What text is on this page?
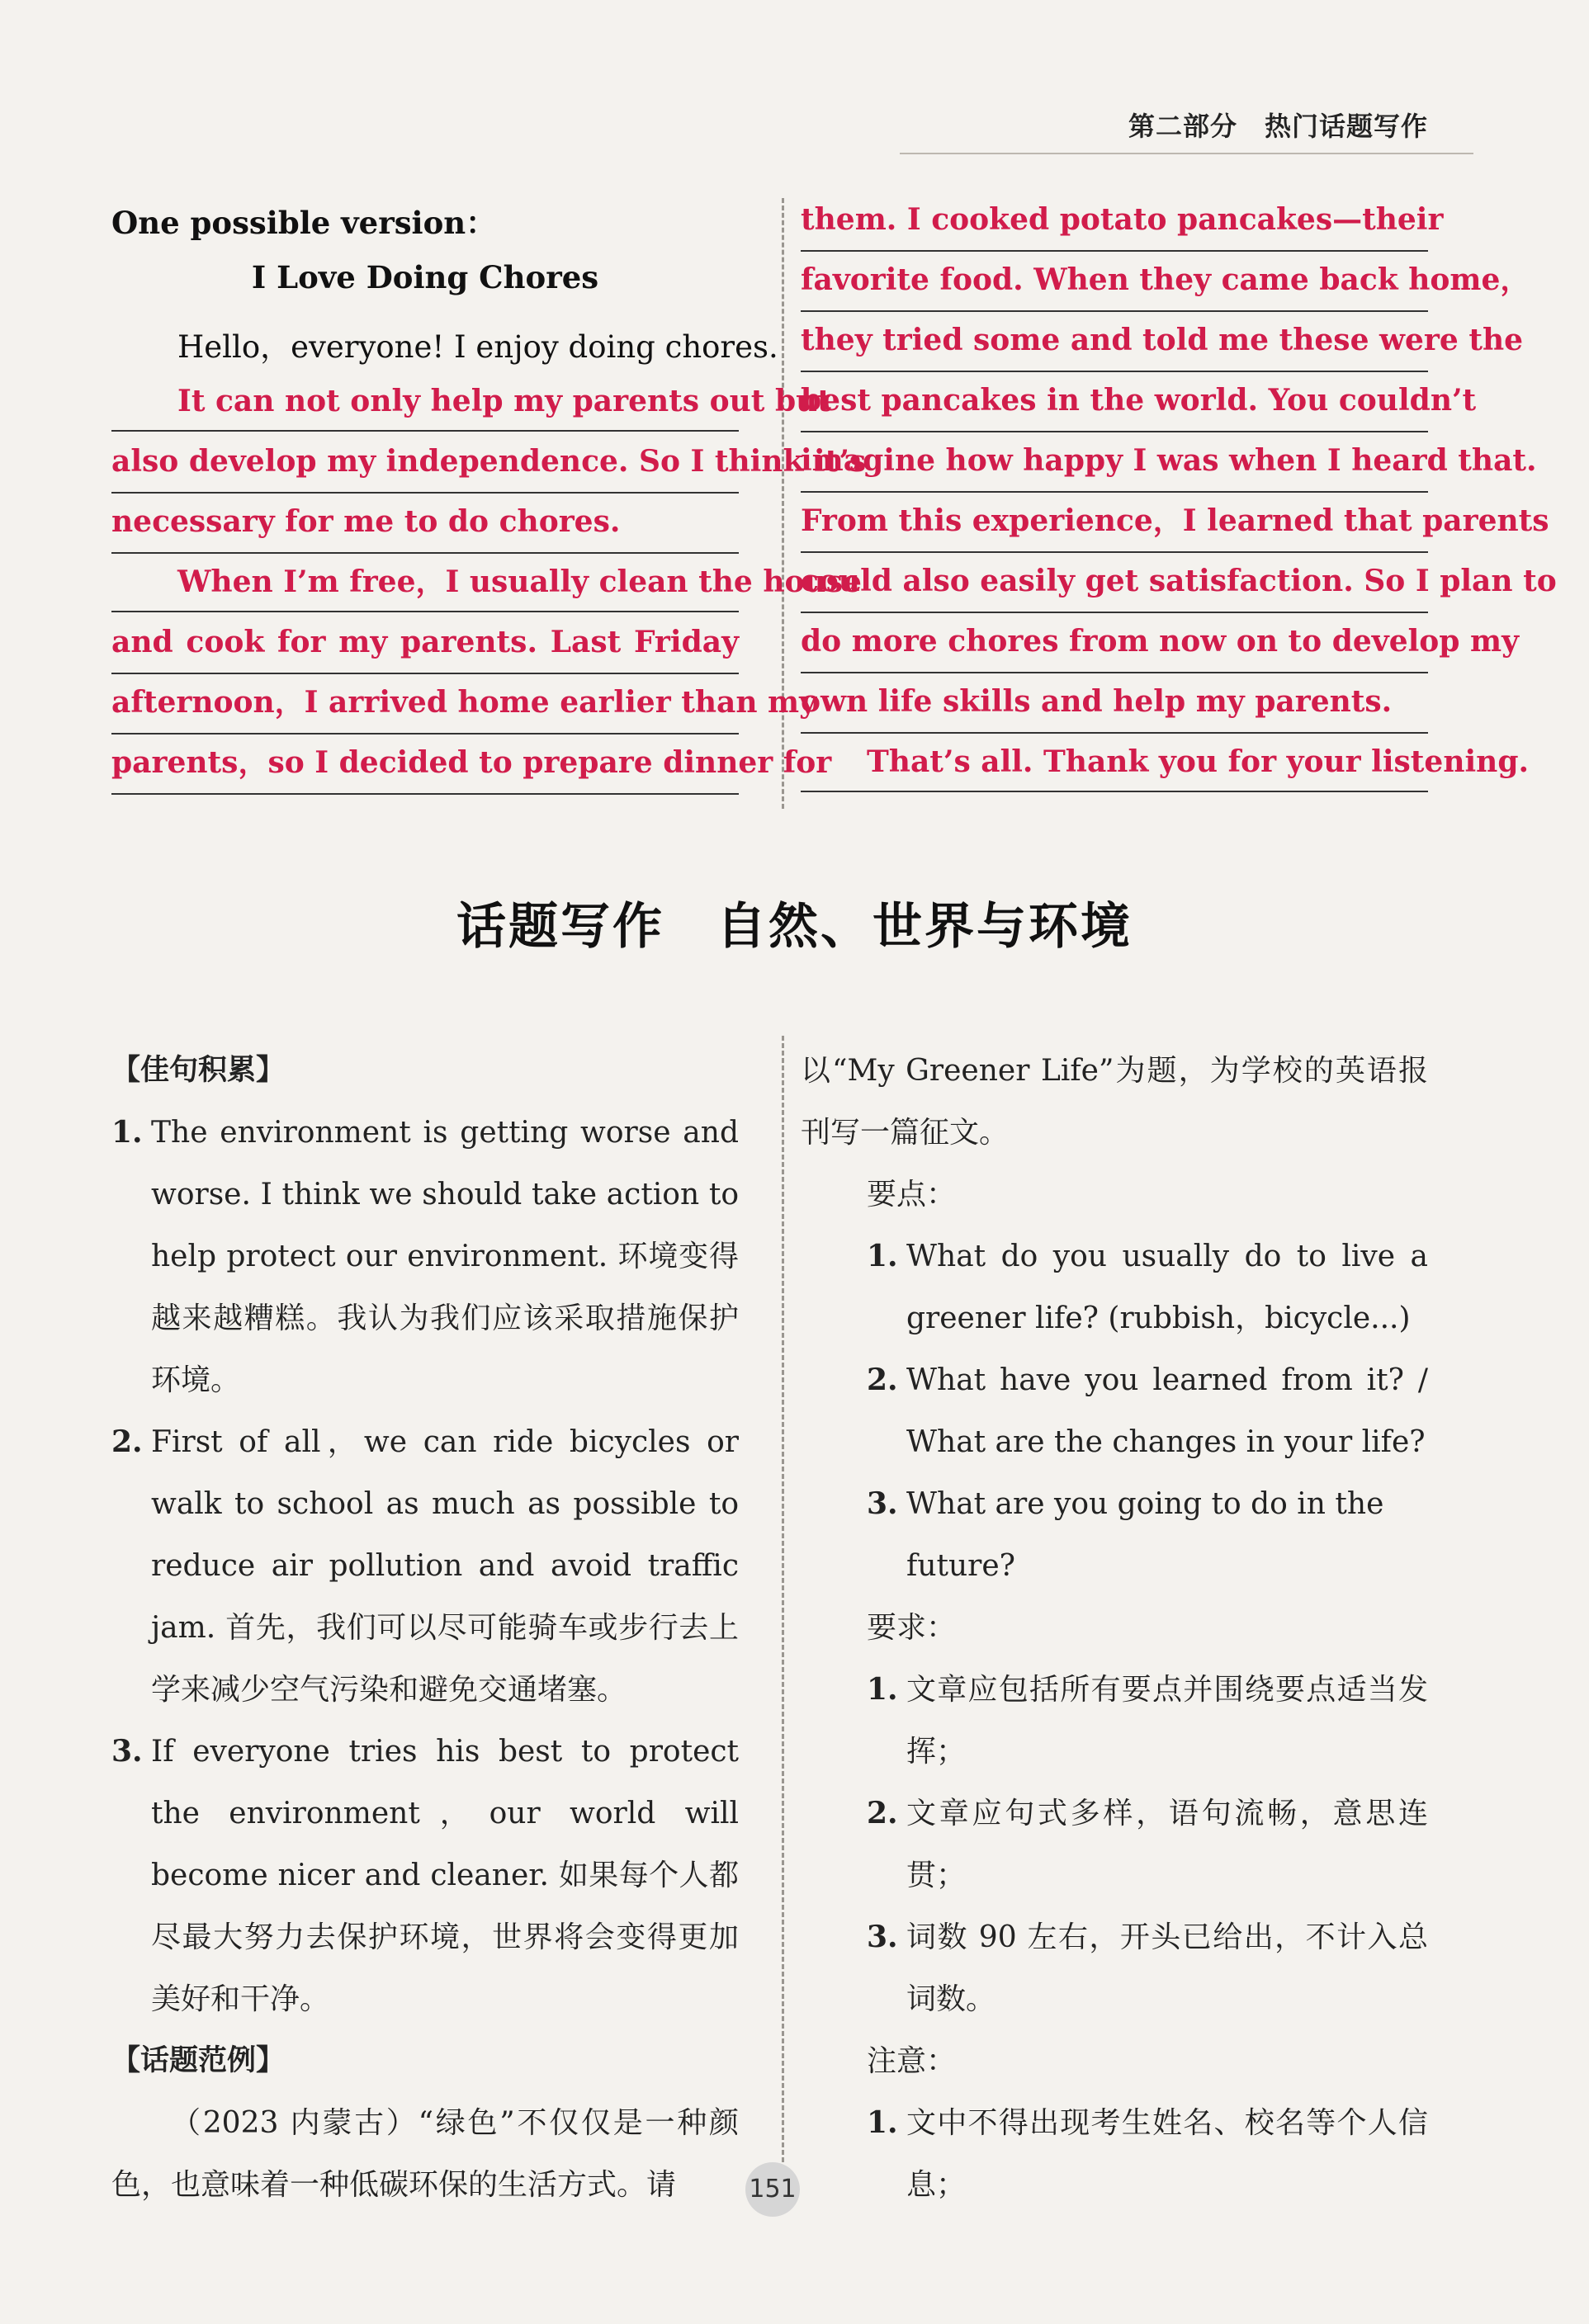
第二部分　热门话题写作
One possible version：
I Love Doing Chores
Hello，everyone! I enjoy doing chores.
It can not only help my parents out but
also develop my independence. So I think it’s
necessary for me to do chores.
When I’m free，I usually clean the house
and cook for my parents. Last Friday
afternoon，I arrived home earlier than my
parents，so I decided to prepare dinner for
them. I cooked potato pancakes—their
favorite food. When they came back home，
they tried some and told me these were the
best pancakes in the world. You couldn’t
imagine how happy I was when I heard that.
From this experience，I learned that parents
could also easily get satisfaction. So I plan to
do more chores from now on to develop my
own life skills and help my parents.
That’s all. Thank you for your listening.
话题写作　自然、世界与环境
【佳句积累】
1. The environment is getting worse and worse. I think we should take action to help protect our environment. 环境变得越来越糟糕。我认为我们应该采取措施保护环境。
2. First of all，we can ride bicycles or walk to school as much as possible to reduce air pollution and avoid traffic jam. 首先，我们可以尽可能骑车或步行去上学来减少空气污染和避免交通堵塞。
3. If everyone tries his best to protect the environment，our world will become nicer and cleaner. 如果每个人都尽最大努力去保护环境，世界将会变得更加美好和干净。
【话题范例】
（2023 内蒙古）“绿色”不仅仅是一种颜色，也意味着一种低碳环保的生活方式。请
以“My Greener Life”为题，为学校的英语报刊写一篇征文。
要点：
1. What do you usually do to live a greener life? (rubbish，bicycle...)
2. What have you learned from it? / What are the changes in your life?
3. What are you going to do in the future?
要求：
1. 文章应包括所有要点并围绕要点适当发挥；
2. 文章应句式多样，语句流畅，意思连贯；
3. 词数 90 左右，开头已给出，不计入总词数。
注意：
1. 文中不得出现考生姓名、校名等个人信息；
151
